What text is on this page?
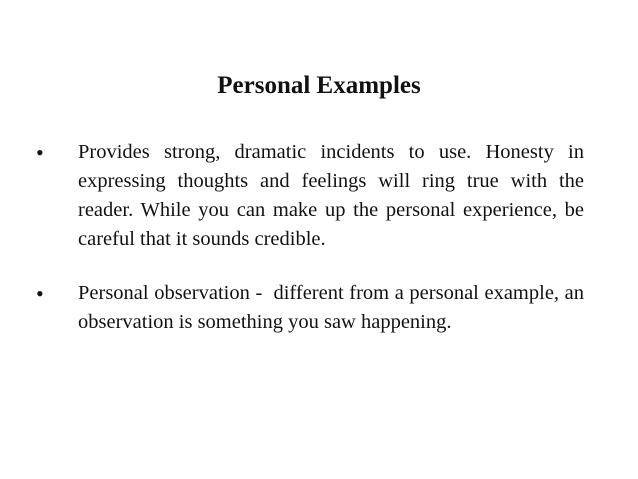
Personal Examples
• Provides strong, dramatic incidents to use. Honesty in expressing thoughts and feelings will ring true with the reader. While you can make up the personal experience, be careful that it sounds credible.
• Personal observation -  different from a personal example, an observation is something you saw happening.
